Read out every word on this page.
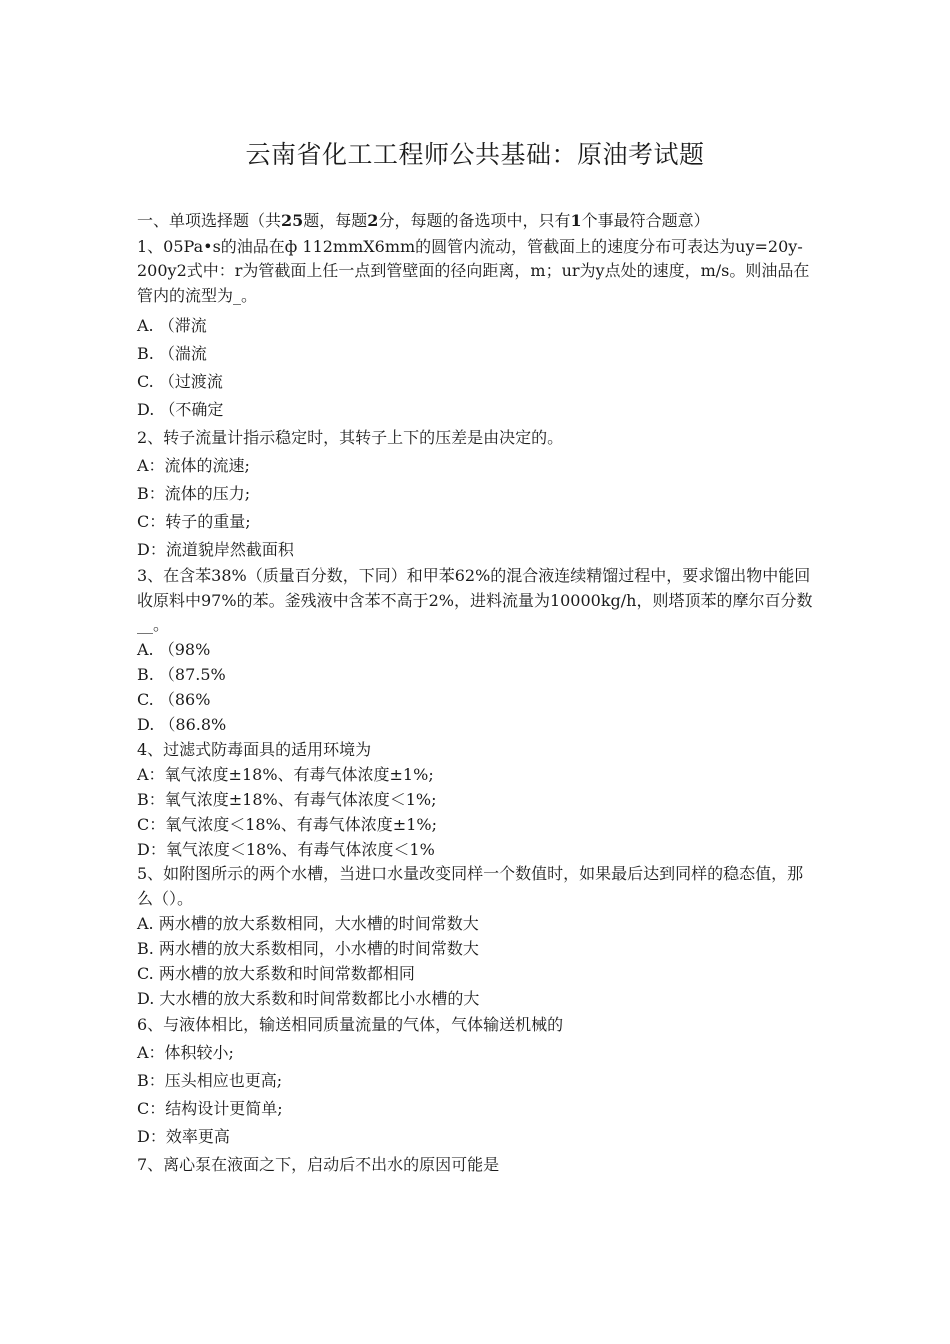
云南省化工工程师公共基础：原油考试题
一、单项选择题（共25题，每题2分，每题的备选项中，只有1个事最符合题意）
1、05Pa•s的油品在ф 112mmX6mm的圆管内流动，管截面上的速度分布可表达为uy=20y-200y2式中：r为管截面上任一点到管壁面的径向距离，m；ur为y点处的速度，m/s。则油品在管内的流型为_。
A. （滞流
B. （湍流
C. （过渡流
D. （不确定
2、转子流量计指示稳定时，其转子上下的压差是由决定的。
A：流体的流速;
B：流体的压力;
C：转子的重量;
D：流道貌岸然截面积
3、在含苯38%（质量百分数，下同）和甲苯62%的混合液连续精馏过程中，要求馏出物中能回收原料中97%的苯。釜残液中含苯不高于2%，进料流量为10000kg/h，则塔顶苯的摩尔百分数__。
A. （98%
B. （87.5%
C. （86%
D. （86.8%
4、过滤式防毒面具的适用环境为
A：氧气浓度±18%、有毒气体浓度±1%;
B：氧气浓度±18%、有毒气体浓度＜1%;
C：氧气浓度＜18%、有毒气体浓度±1%;
D：氧气浓度＜18%、有毒气体浓度＜1%
5、如附图所示的两个水槽，当进口水量改变同样一个数值时，如果最后达到同样的稳态值，那么（）。
A. 两水槽的放大系数相同，大水槽的时间常数大
B. 两水槽的放大系数相同，小水槽的时间常数大
C. 两水槽的放大系数和时间常数都相同
D. 大水槽的放大系数和时间常数都比小水槽的大
6、与液体相比，输送相同质量流量的气体，气体输送机械的
A：体积较小;
B：压头相应也更高;
C：结构设计更简单;
D：效率更高
7、离心泵在液面之下，启动后不出水的原因可能是
